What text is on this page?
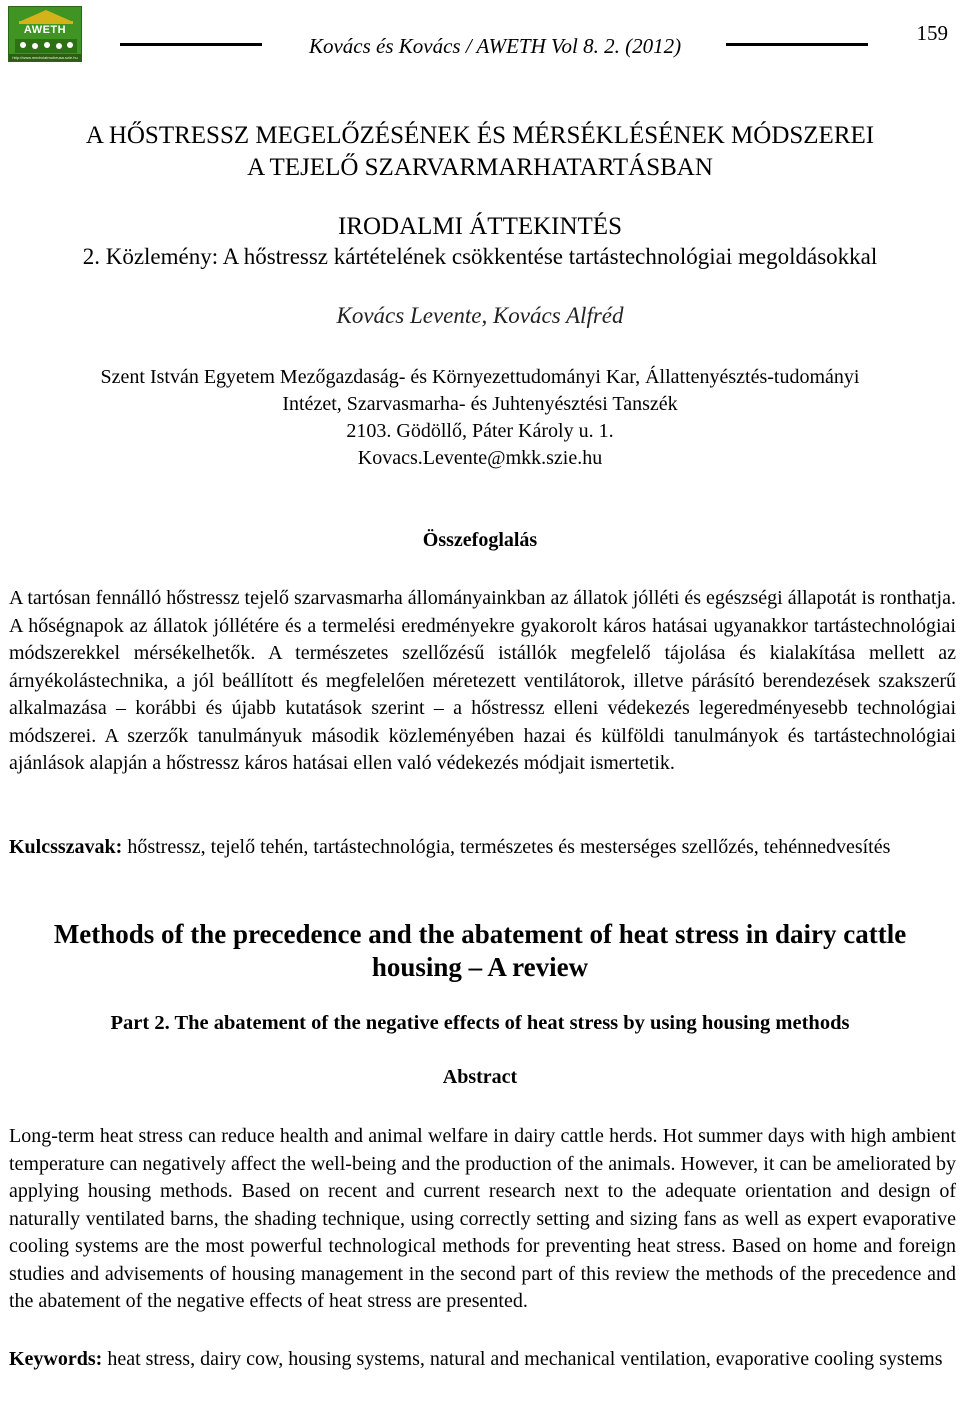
AWETH
http://www.medrolatmoheusa.szie.hu	Kovács és Kovács / AWETH Vol 8. 2. (2012)
159
A HŐSTRESSZ MEGELŐZÉSÉNEK ÉS MÉRSÉKLÉSÉNEK MÓDSZEREI
A TEJELŐ SZARVARMARHATARTÁSBAN
IRODALMI ÁTTEKINTÉS
2. Közlemény: A hőstressz kártételének csökkentése tartástechnológiai megoldásokkal
Kovács Levente, Kovács Alfréd
Szent István Egyetem Mezőgazdaság- és Környezettudományi Kar, Állattenyésztés-tudományi
Intézet, Szarvasmarha- és Juhtenyésztési Tanszék
2103. Gödöllő, Páter Károly u. 1.
Kovacs.Levente@mkk.szie.hu
Összefoglalás
A tartósan fennálló hőstressz tejelő szarvasmarha állományainkban az állatok jólléti és egészségi állapotát is ronthatja. A hőségnapok az állatok jóllétére és a termelési eredményekre gyakorolt káros hatásai ugyanakkor tartástechnológiai módszerekkel mérsékelhetők. A természetes szellőzésű istállók megfelelő tájolása és kialakítása mellett az árnyékolástechnika, a jól beállított és megfelelően méretezett ventilátorok, illetve párásító berendezések szakszerű alkalmazása – korábbi és újabb kutatások szerint – a hőstressz elleni védekezés legeredményesebb technológiai módszerei. A szerzők tanulmányuk második közleményében hazai és külföldi tanulmányok és tartástechnológiai ajánlások alapján a hőstressz káros hatásai ellen való védekezés módjait ismertetik.
Kulcsszavak: hőstressz, tejelő tehén, tartástechnológia, természetes és mesterséges szellőzés, tehénnedvesítés
Methods of the precedence and the abatement of heat stress in dairy cattle
housing – A review
Part 2. The abatement of the negative effects of heat stress by using housing methods
Abstract
Long-term heat stress can reduce health and animal welfare in dairy cattle herds. Hot summer days with high ambient temperature can negatively affect the well-being and the production of the animals. However, it can be ameliorated by applying housing methods. Based on recent and current research next to the adequate orientation and design of naturally ventilated barns, the shading technique, using correctly setting and sizing fans as well as expert evaporative cooling systems are the most powerful technological methods for preventing heat stress. Based on home and foreign studies and advisements of housing management in the second part of this review the methods of the precedence and the abatement of the negative effects of heat stress are presented.
Keywords: heat stress, dairy cow, housing systems, natural and mechanical ventilation, evaporative cooling systems
